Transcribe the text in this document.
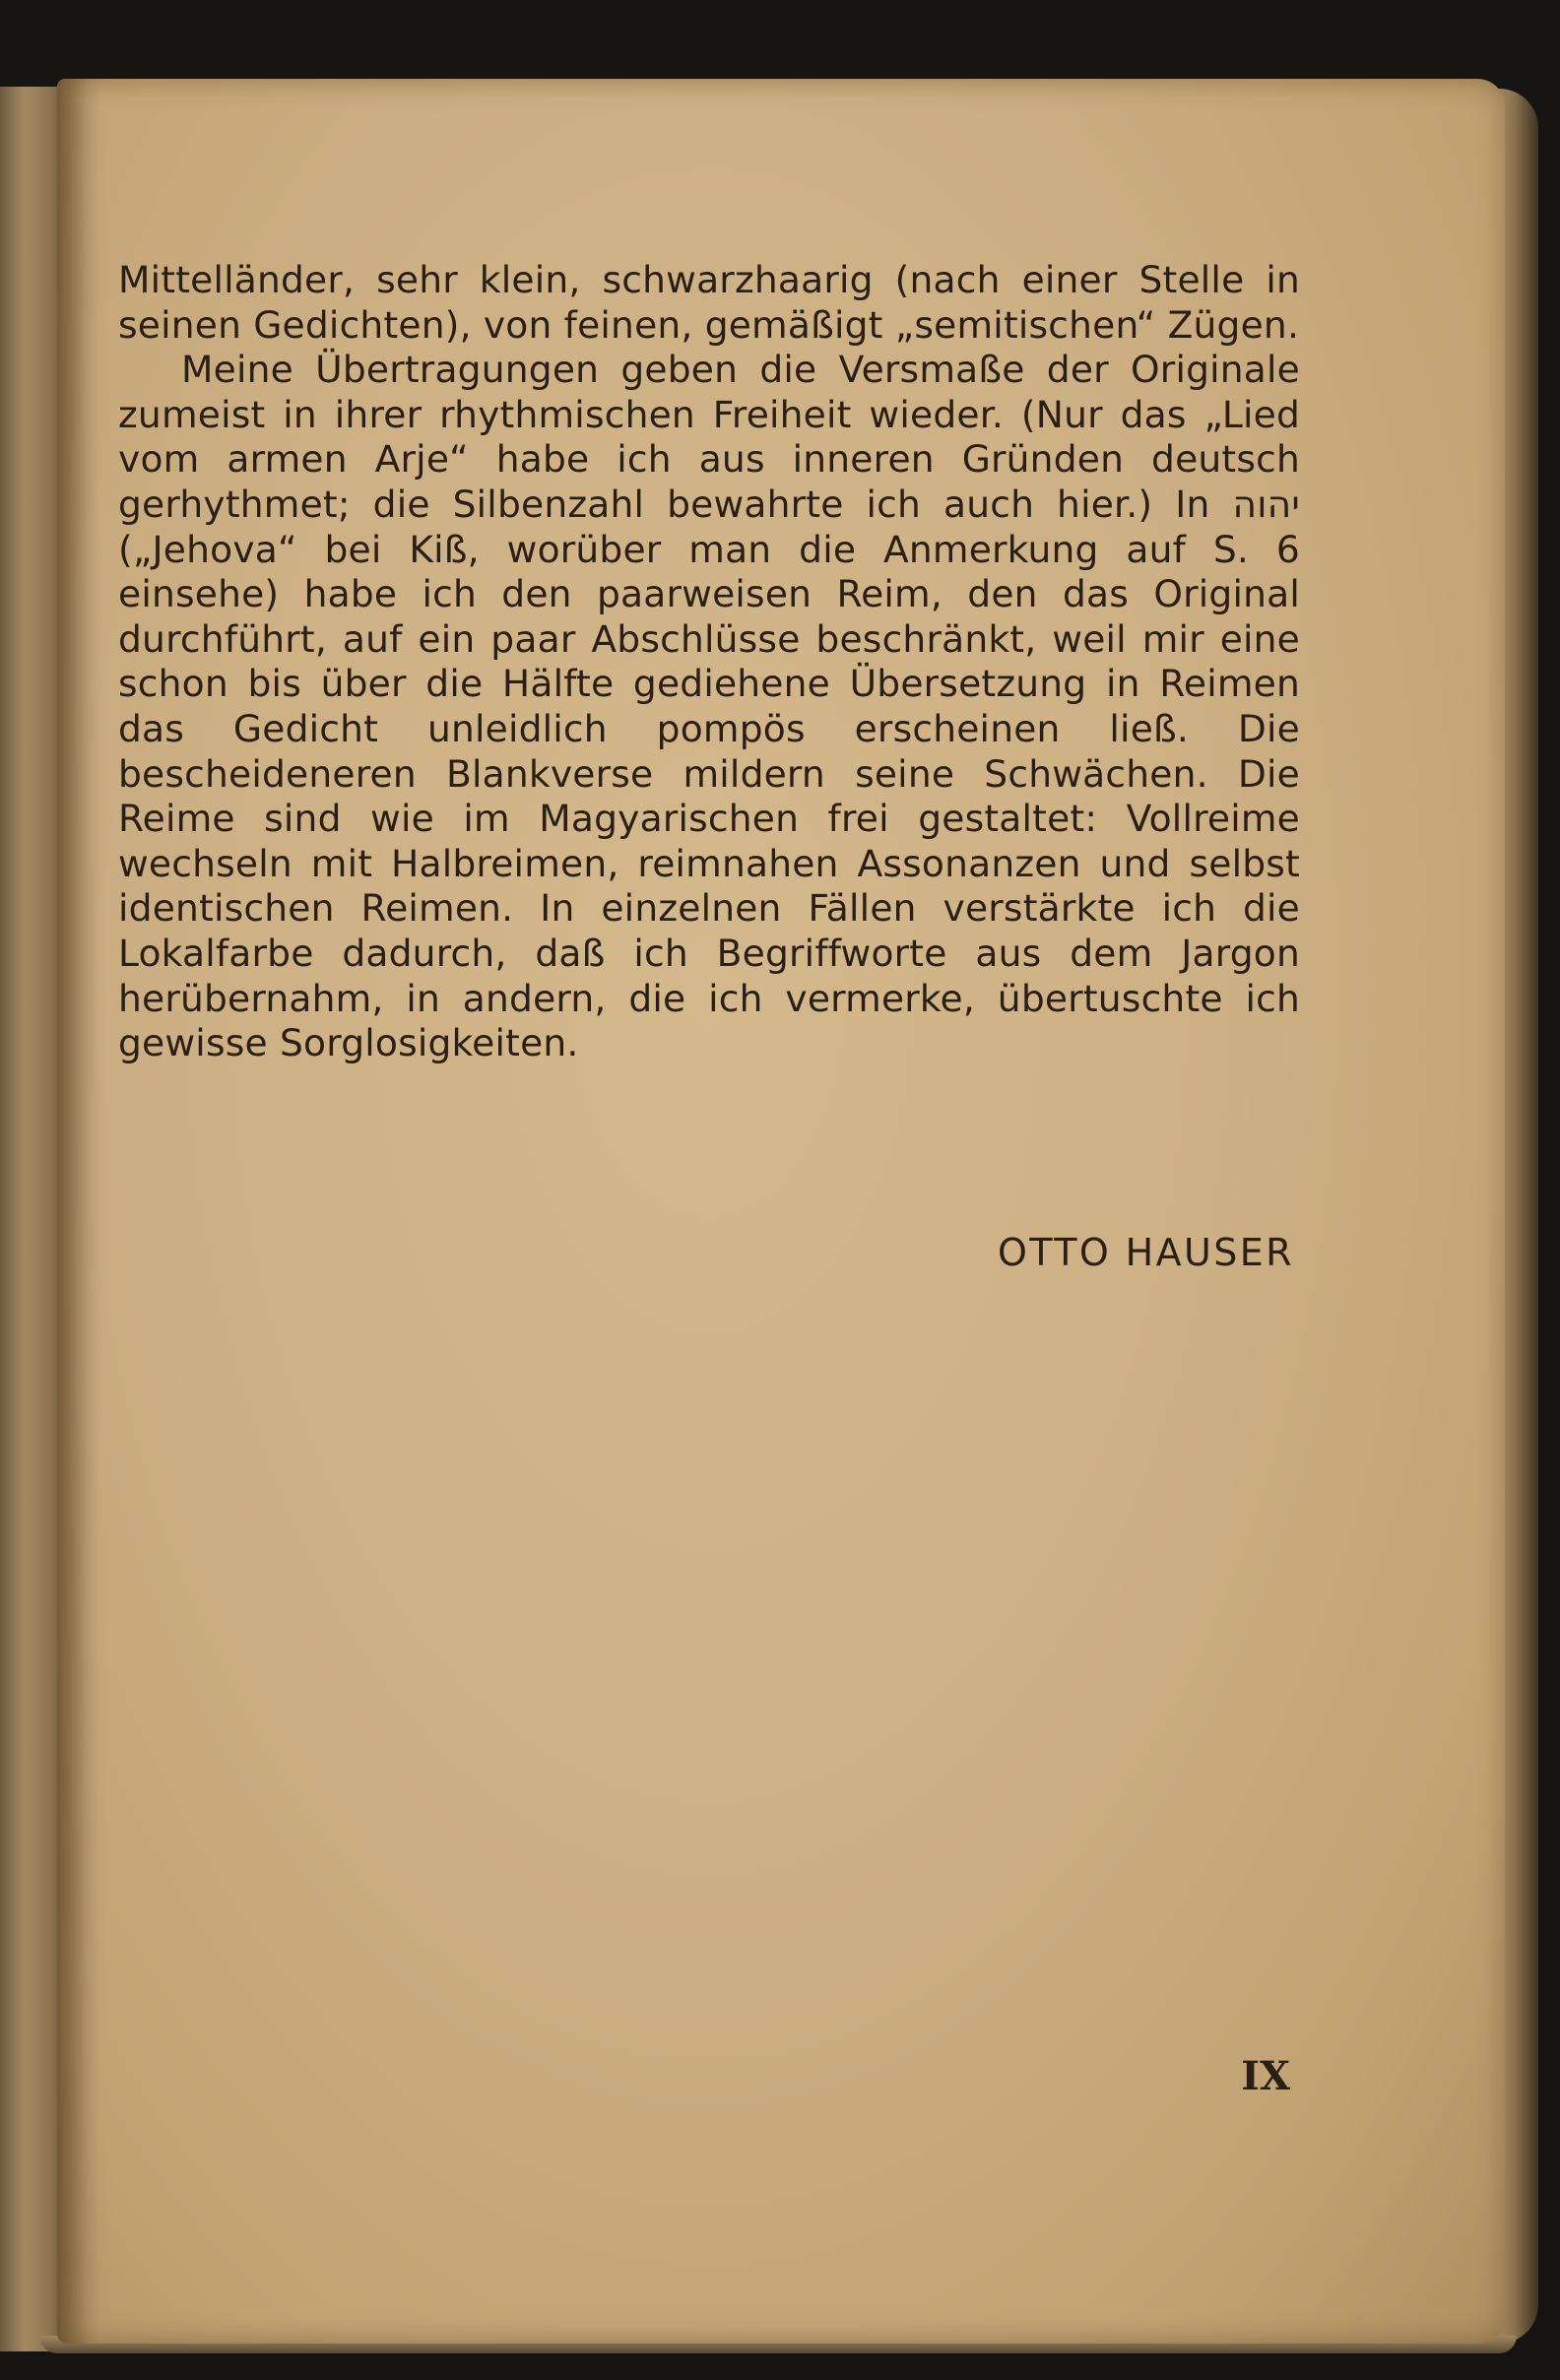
Mittelländer, sehr klein, schwarzhaarig (nach einer Stelle in seinen Gedichten), von feinen, gemäßigt „semitischen“ Zügen.

Meine Übertragungen geben die Versmaße der Originale zumeist in ihrer rhythmischen Freiheit wieder. (Nur das „Lied vom armen Arje“ habe ich aus inneren Gründen deutsch gerhythmet; die Silbenzahl bewahrte ich auch hier.) In יהוה („Jehova“ bei Kiß, worüber man die Anmerkung auf S. 6 einsehe) habe ich den paarweisen Reim, den das Original durchführt, auf ein paar Abschlüsse beschränkt, weil mir eine schon bis über die Hälfte gediehene Übersetzung in Reimen das Gedicht unleidlich pompös erscheinen ließ. Die bescheideneren Blankverse mildern seine Schwächen. Die Reime sind wie im Magyarischen frei gestaltet: Vollreime wechseln mit Halbreimen, reimnahen Assonanzen und selbst identischen Reimen. In einzelnen Fällen verstärkte ich die Lokalfarbe dadurch, daß ich Begriffworte aus dem Jargon herübernahm, in andern, die ich vermerke, übertuschte ich gewisse Sorglosigkeiten.

OTTO HAUSER
IX
